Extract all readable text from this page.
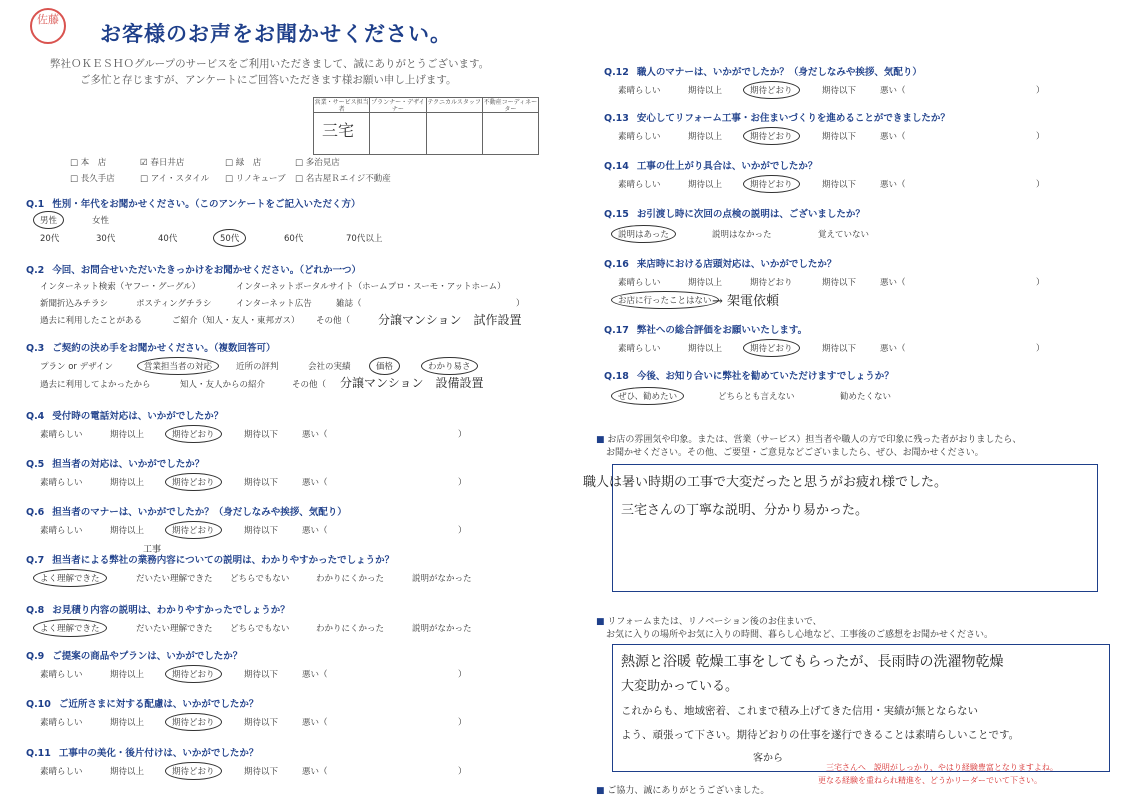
佐藤
お客様のお声をお聞かせください。
弊社ＯＫＥＳＨＯグループのサービスをご利用いただきまして、誠にありがとうございます。
ご多忙と存じますが、アンケートにご回答いただきます様お願い申し上げます。
営業・サービス担当者
三宅
プランナー・デザイナー
テクニカルスタッフ 不動産コーディネーター
□ 本　店	☑ 春日井店	□ 緑　店	□ 多治見店
□ 長久手店	□ アイ・スタイル	□ リノキューブ	□ 名古屋Ｒエイジ不動産
Q.1 性別・年代をお聞かせください。（このアンケートをご記入いただく方）
男性	女性
20代	30代	40代	50代	60代	70代以上
Q.2 今回、お問合せいただいたきっかけをお聞かせください。（どれか一つ）
インターネット検索（ヤフー・グーグル）	インターネットポータルサイト（ホームプロ・スーモ・アットホーム）
新聞折込みチラシ	ポスティングチラシ	インターネット広告	雑誌（	）
過去に利用したことがある	ご紹介（知人・友人・東邦ガス） その他（ 分譲マンション　試作設置
Q.3 ご契約の決め手をお聞かせください。（複数回答可）
プラン or デザイン	営業担当者の対応	近所の評判	会社の実績	価格	わかり易さ
過去に利用してよかったから	知人・友人からの紹介	その他（ 分譲マンション　設備設置
Q.4 受付時の電話対応は、いかがでしたか？
素晴らしい	期待以上	期待どおり	期待以下	悪い（	）
Q.5 担当者の対応は、いかがでしたか？
素晴らしい	期待以上	期待どおり	期待以下	悪い（	）
Q.6 担当者のマナーは、いかがでしたか？（身だしなみや挨拶、気配り）
素晴らしい	期待以上	期待どおり	期待以下	悪い（	）
Q.7 担当者による弊社の業務内容についての説明は、わかりやすかったでしょうか？
よく理解できた	だいたい理解できた どちらでもない	わかりにくかった	説明がなかった
工事
Q.8 お見積り内容の説明は、わかりやすかったでしょうか？
よく理解できた	だいたい理解できた どちらでもない	わかりにくかった	説明がなかった
Q.9 ご提案の商品やプランは、いかがでしたか？
素晴らしい	期待以上	期待どおり	期待以下	悪い（	）
Q.10 ご近所さまに対する配慮は、いかがでしたか？
素晴らしい	期待以上	期待どおり	期待以下	悪い（	）
Q.11 工事中の美化・後片付けは、いかがでしたか？
素晴らしい	期待以上	期待どおり	期待以下	悪い（	）
Q.12 職人のマナーは、いかがでしたか？（身だしなみや挨拶、気配り）
素晴らしい	期待以上	期待どおり	期待以下	悪い（	）
Q.13 安心してリフォーム工事・お住まいづくりを進めることができましたか？
素晴らしい	期待以上	期待どおり	期待以下	悪い（	）
Q.14 工事の仕上がり具合は、いかがでしたか？
素晴らしい	期待以上	期待どおり	期待以下	悪い（	）
素晴らしい	期待以上	期待どおり	期待以下	悪い（	）
Q.17 弊社への総合評価をお願いいたします。
素晴らしい	期待以上	期待どおり	期待以下	悪い（	）
Q.15 お引渡し時に次回の点検の説明は、ございましたか？
説明はあった	説明はなかった	覚えていない
Q.16 来店時における店頭対応は、いかがでしたか？
お店に行ったことはない → 架電依頼
Q.18 今後、お知り合いに弊社を勧めていただけますでしょうか？
ぜひ、勧めたい	どちらとも言えない	勧めたくない
■ お店の雰囲気や印象。または、営業（サービス）担当者や職人の方で印象に残った者がおりましたら、
お聞かせください。その他、ご要望・ご意見などございましたら、ぜひ、お聞かせください。
職人は暑い時期の工事で大変だったと思うがお疲れ様でした。
三宅さんの丁寧な説明、分かり易かった。
■ リフォームまたは、リノベーション後のお住まいで、
お気に入りの場所やお気に入りの時間、暮らし心地など、工事後のご感想をお聞かせください。
熱源と浴暖 乾燥工事をしてもらったが、長雨時の洗濯物乾燥
大変助かっている。
これからも、地域密着、これまで積み上げてきた信用・実績が無とならない
よう、頑張って下さい。期待どおりの仕事を遂行できることは素晴らしいことです。
客から
三宅さんへ　説明がしっかり、やはり経験豊富となりますよね。
更なる経験を重ねられ精進を、どうかリーダーでいて下さい。
■ ご協力、誠にありがとうございました。
